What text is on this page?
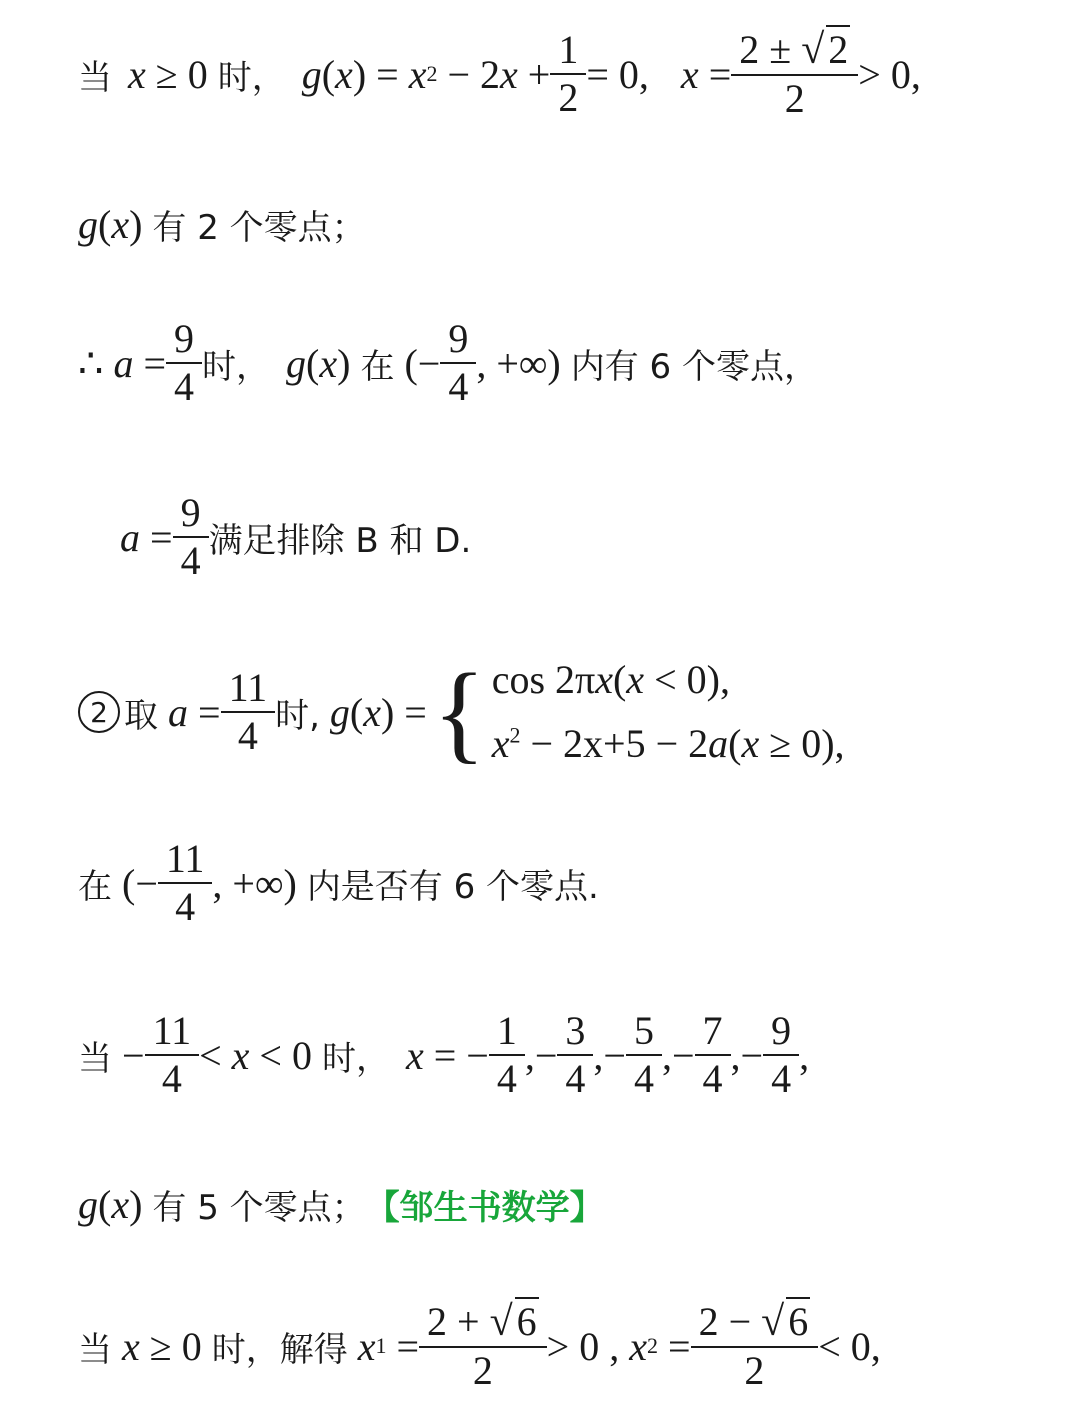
当 x ≥ 0 时， g ( x ) = x 2 − 2 $x + \frac{1}{2} = 0$, $x = \frac{2 \pm √ 2}{2} > 0$,
g ( x ) 有 2 个零点；
∴ $a = \frac{9}{4}$ 时， g ( x ) 在 (− $\frac{9}{4}$ , +∞) 内有 6 个零点，
$a = \frac{9}{4}$ 满足排除 B 和 D.
2 取
$a = \frac{11}{4}$ 时,
g ( x ) = { cos 2πx(x < 0),
$x^2 - 2x+5 - 2a(x \ge 0)$,
在 (− $\frac{11}{4}$ , +∞) 内是否有 6 个零点.
当 − $\frac{11}{4} < x < 0$ 时， x = − $\frac{1}{4}$ ,− $\frac{3}{4}$ ,− $\frac{5}{4}$ ,− $\frac{7}{4}$ ,− $\frac{9}{4}$ ,
g ( x ) 有 5 个零点； 【邹生书数学】
当
x ≥ 0 时，解得
x $1 = \frac{2 + √ 6}{2} > 0$ , x $2 = \frac{2 - √ 6}{2} < 0$,
